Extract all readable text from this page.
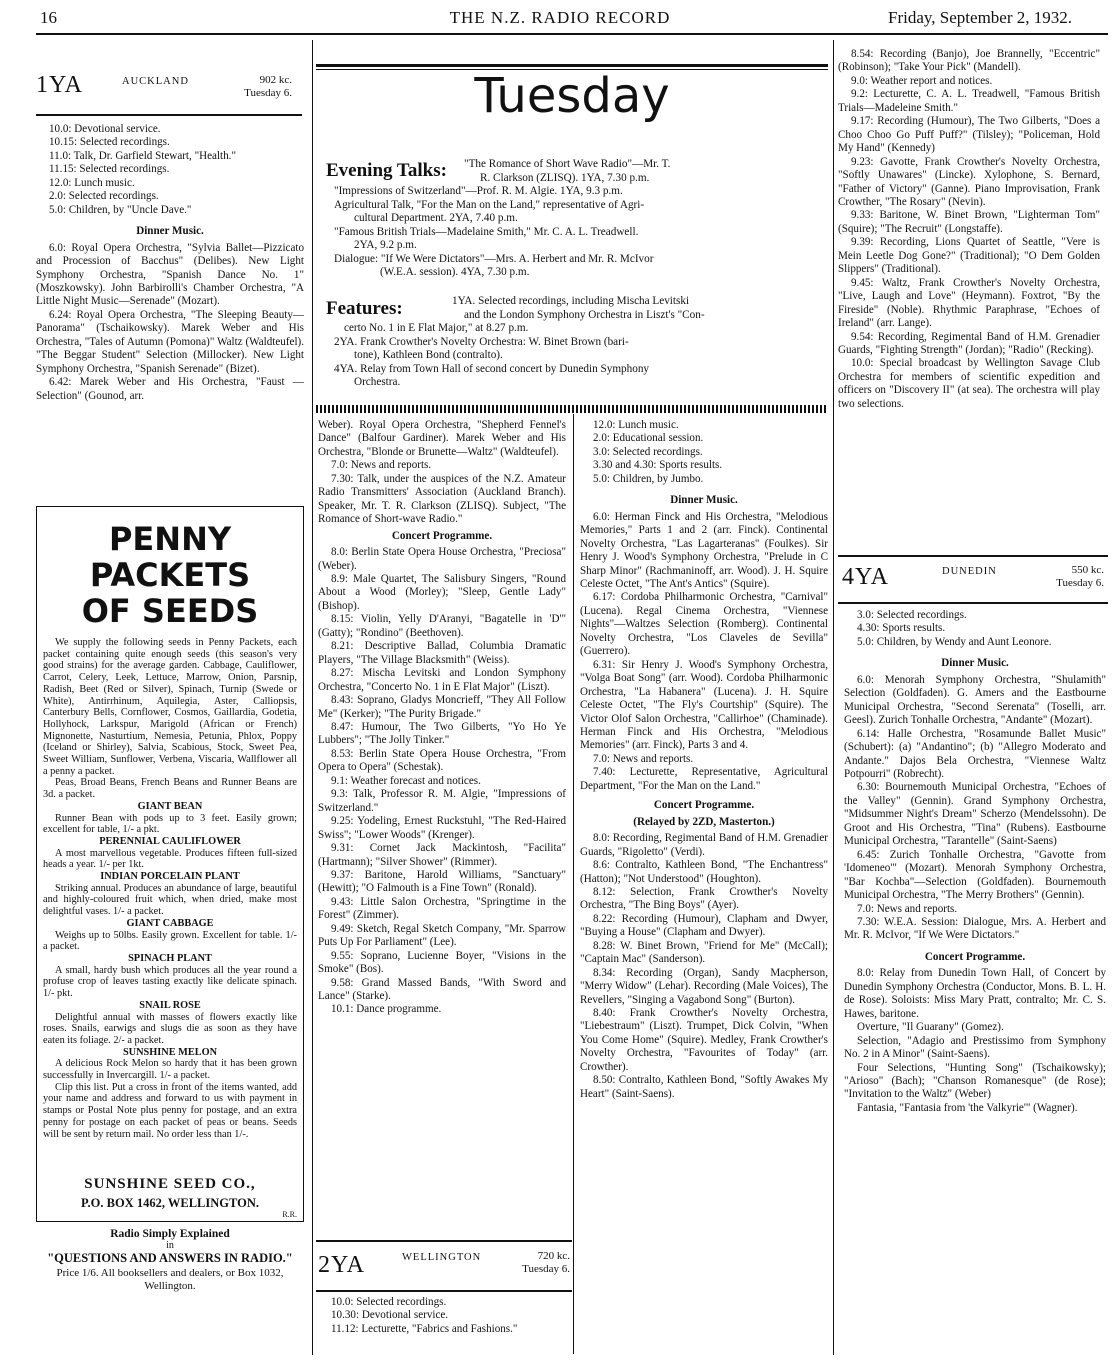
16	THE N.Z. RADIO RECORD	Friday, September 2, 1932.
1YA	AUCKLAND	902 kc.
Tuesday 6.

10.0: Devotional service.

10.15: Selected recordings.

11.0: Talk, Dr. Garfield Stewart, "Health."

11.15: Selected recordings.

12.0: Lunch music.

2.0: Selected recordings.

5.0: Children, by "Uncle Dave."

Dinner Music.

6.0: Royal Opera Orchestra, "Sylvia Ballet—Pizzicato and Procession of Bacchus" (Delibes). New Light Symphony Orchestra, "Spanish Dance No. 1" (Moszkowsky). John Barbirolli's Chamber Orchestra, "A Little Night Music—Serenade" (Mozart).

6.24: Royal Opera Orchestra, "The Sleeping Beauty—Panorama" (Tschaikowsky). Marek Weber and His Orchestra, "Tales of Autumn (Pomona)" Waltz (Waldteufel). "The Beggar Student" Selection (Millocker). New Light Symphony Orchestra, "Spanish Serenade" (Bizet).

6.42: Marek Weber and His Orchestra, "Faust — Selection" (Gounod, arr.

PENNY PACKETS
OF SEEDS

We supply the following seeds in Penny Packets, each packet containing quite enough seeds (this season's very good strains) for the average garden. Cabbage, Cauliflower, Carrot, Celery, Leek, Lettuce, Marrow, Onion, Parsnip, Radish, Beet (Red or Silver), Spinach, Turnip (Swede or White), Antirrhinum, Aquilegia, Aster, Calliopsis, Canterbury Bells, Cornflower, Cosmos, Gaillardia, Godetia, Hollyhock, Larkspur, Marigold (African or French) Mignonette, Nasturtium, Nemesia, Petunia, Phlox, Poppy (Iceland or Shirley), Salvia, Scabious, Stock, Sweet Pea, Sweet William, Sunflower, Verbena, Viscaria, Wallflower all a penny a packet.

Peas, Broad Beans, French Beans and Runner Beans are 3d. a packet.

GIANT BEAN

Runner Bean with pods up to 3 feet. Easily grown; excellent for table, 1/- a pkt.

PERENNIAL CAULIFLOWER

A most marvellous vegetable. Produces fifteen full-sized heads a year. 1/- per 1kt.

INDIAN PORCELAIN PLANT

Striking annual. Produces an abundance of large, beautiful and highly-coloured fruit which, when dried, make most delightful vases. 1/- a packet.

GIANT CABBAGE

Weighs up to 50lbs. Easily grown. Excellent for table. 1/- a packet.

SPINACH PLANT

A small, hardy bush which produces all the year round a profuse crop of leaves tasting exactly like delicate spinach. 1/- pkt.

SNAIL ROSE

Delightful annual with masses of flowers exactly like roses. Snails, earwigs and slugs die as soon as they have eaten its foliage. 2/- a packet.

SUNSHINE MELON

A delicious Rock Melon so hardy that it has been grown successfully in Invercargill. 1/- a packet.

Clip this list. Put a cross in front of the items wanted, add your name and address and forward to us with payment in stamps or Postal Note plus penny for postage, and an extra penny for postage on each packet of peas or beans. Seeds will be sent by return mail. No order less than 1/-.

SUNSHINE SEED CO.,
P.O. BOX 1462, WELLINGTON.
R.R.
Radio Simply Explained
in
"QUESTIONS AND ANSWERS IN RADIO."
Price 1/6. All booksellers and dealers, or Box 1032, Wellington.
Tuesday
Evening Talks:	"The Romance of Short Wave Radio"—Mr. T.

R. Clarkson (ZLISQ). 1YA, 7.30 p.m.

"Impressions of Switzerland"—Prof. R. M. Algie. 1YA, 9.3 p.m.

Agricultural Talk, "For the Man on the Land," representative of Agri-

cultural Department. 2YA, 7.40 p.m.

"Famous British Trials—Madelaine Smith," Mr. C. A. L. Treadwell.

2YA, 9.2 p.m.

Dialogue: "If We Were Dictators"—Mrs. A. Herbert and Mr. R. McIvor

(W.E.A. session). 4YA, 7.30 p.m.

Features:	1YA. Selected recordings, including Mischa Levitski

and the London Symphony Orchestra in Liszt's "Con-

certo No. 1 in E Flat Major," at 8.27 p.m.

2YA. Frank Crowther's Novelty Orchestra: W. Binet Brown (bari-

tone), Kathleen Bond (contralto).

4YA. Relay from Town Hall of second concert by Dunedin Symphony

Orchestra.

Weber). Royal Opera Orchestra, "Shepherd Fennel's Dance" (Balfour Gardiner). Marek Weber and His Orchestra, "Blonde or Brunette—Waltz" (Waldteufel).

7.0: News and reports.

7.30: Talk, under the auspices of the N.Z. Amateur Radio Transmitters' Association (Auckland Branch). Speaker, Mr. T. R. Clarkson (ZLISQ). Subject, "The Romance of Short-wave Radio."

Concert Programme.

8.0: Berlin State Opera House Orchestra, "Preciosa" (Weber).

8.9: Male Quartet, The Salisbury Singers, "Round About a Wood (Morley); "Sleep, Gentle Lady" (Bishop).

8.15: Violin, Yelly D'Aranyi, "Bagatelle in 'D'" (Gatty); "Rondino" (Beethoven).

8.21: Descriptive Ballad, Columbia Dramatic Players, "The Village Blacksmith" (Weiss).

8.27: Mischa Levitski and London Symphony Orchestra, "Concerto No. 1 in E Flat Major" (Liszt).

8.43: Soprano, Gladys Moncrieff, "They All Follow Me" (Kerker); "The Purity Brigade."

8.47: Humour, The Two Gilberts, "Yo Ho Ye Lubbers"; "The Jolly Tinker."

8.53: Berlin State Opera House Orchestra, "From Opera to Opera" (Schestak).

9.1: Weather forecast and notices.

9.3: Talk, Professor R. M. Algie, "Impressions of Switzerland."

9.25: Yodeling, Ernest Ruckstuhl, "The Red-Haired Swiss"; "Lower Woods" (Krenger).

9.31: Cornet Jack Mackintosh, "Facilita" (Hartmann); "Silver Shower" (Rimmer).

9.37: Baritone, Harold Williams, "Sanctuary" (Hewitt); "O Falmouth is a Fine Town" (Ronald).

9.43: Little Salon Orchestra, "Springtime in the Forest" (Zimmer).

9.49: Sketch, Regal Sketch Company, "Mr. Sparrow Puts Up For Parliament" (Lee).

9.55: Soprano, Lucienne Boyer, "Visions in the Smoke" (Bos).

9.58: Grand Massed Bands, "With Sword and Lance" (Starke).

10.1: Dance programme.

2YA	WELLINGTON	720 kc.
Tuesday 6.

10.0: Selected recordings.

10.30: Devotional service.

11.12: Lecturette, "Fabrics and Fashions."

12.0: Lunch music.

2.0: Educational session.

3.0: Selected recordings.

3.30 and 4.30: Sports results.

5.0: Children, by Jumbo.

Dinner Music.

6.0: Herman Finck and His Orchestra, "Melodious Memories," Parts 1 and 2 (arr. Finck). Continental Novelty Orchestra, "Las Lagarteranas" (Foulkes). Sir Henry J. Wood's Symphony Orchestra, "Prelude in C Sharp Minor" (Rachmaninoff, arr. Wood). J. H. Squire Celeste Octet, "The Ant's Antics" (Squire).

6.17: Cordoba Philharmonic Orchestra, "Carnival" (Lucena). Regal Cinema Orchestra, "Viennese Nights"—Waltzes Selection (Romberg). Continental Novelty Orchestra, "Los Claveles de Sevilla" (Guerrero).

6.31: Sir Henry J. Wood's Symphony Orchestra, "Volga Boat Song" (arr. Wood). Cordoba Philharmonic Orchestra, "La Habanera" (Lucena). J. H. Squire Celeste Octet, "The Fly's Courtship" (Squire). The Victor Olof Salon Orchestra, "Callirhoe" (Chaminade). Herman Finck and His Orchestra, "Melodious Memories" (arr. Finck), Parts 3 and 4.

7.0: News and reports.

7.40: Lecturette, Representative, Agricultural Department, "For the Man on the Land."

Concert Programme.

(Relayed by 2ZD, Masterton.)

8.0: Recording, Regimental Band of H.M. Grenadier Guards, "Rigoletto" (Verdi).

8.6: Contralto, Kathleen Bond, "The Enchantress" (Hatton); "Not Understood" (Houghton).

8.12: Selection, Frank Crowther's Novelty Orchestra, "The Bing Boys" (Ayer).

8.22: Recording (Humour), Clapham and Dwyer, "Buying a House" (Clapham and Dwyer).

8.28: W. Binet Brown, "Friend for Me" (McCall); "Captain Mac" (Sanderson).

8.34: Recording (Organ), Sandy Macpherson, "Merry Widow" (Lehar). Recording (Male Voices), The Revellers, "Singing a Vagabond Song" (Burton).

8.40: Frank Crowther's Novelty Orchestra, "Liebestraum" (Liszt). Trumpet, Dick Colvin, "When You Come Home" (Squire). Medley, Frank Crowther's Novelty Orchestra, "Favourites of Today" (arr. Crowther).

8.50: Contralto, Kathleen Bond, "Softly Awakes My Heart" (Saint-Saens).

8.54: Recording (Banjo), Joe Brannelly, "Eccentric" (Robinson); "Take Your Pick" (Mandell).

9.0: Weather report and notices.

9.2: Lecturette, C. A. L. Treadwell, "Famous British Trials—Madeleine Smith."

9.17: Recording (Humour), The Two Gilberts, "Does a Choo Choo Go Puff Puff?" (Tilsley); "Policeman, Hold My Hand" (Kennedy)

9.23: Gavotte, Frank Crowther's Novelty Orchestra, "Softly Unawares" (Lincke). Xylophone, S. Bernard, "Father of Victory" (Ganne). Piano Improvisation, Frank Crowther, "The Rosary" (Nevin).

9.33: Baritone, W. Binet Brown, "Lighterman Tom" (Squire); "The Recruit" (Longstaffe).

9.39: Recording, Lions Quartet of Seattle, "Vere is Mein Leetle Dog Gone?" (Traditional); "O Dem Golden Slippers" (Traditional).

9.45: Waltz, Frank Crowther's Novelty Orchestra, "Live, Laugh and Love" (Heymann). Foxtrot, "By the Fireside" (Noble). Rhythmic Paraphrase, "Echoes of Ireland" (arr. Lange).

9.54: Recording, Regimental Band of H.M. Grenadier Guards, "Fighting Strength" (Jordan); "Radio" (Recking).

10.0: Special broadcast by Wellington Savage Club Orchestra for members of scientific expedition and officers on "Discovery II" (at sea). The orchestra will play two selections.

4YA	DUNEDIN	550 kc.
Tuesday 6.

3.0: Selected recordings.

4.30: Sports results.

5.0: Children, by Wendy and Aunt Leonore.

Dinner Music.

6.0: Menorah Symphony Orchestra, "Shulamith" Selection (Goldfaden). G. Amers and the Eastbourne Municipal Orchestra, "Second Serenata" (Toselli, arr. Geesl). Zurich Tonhalle Orchestra, "Andante" (Mozart).

6.14: Halle Orchestra, "Rosamunde Ballet Music" (Schubert): (a) "Andantino"; (b) "Allegro Moderato and Andante." Dajos Bela Orchestra, "Viennese Waltz Potpourri" (Robrecht).

6.30: Bournemouth Municipal Orchestra, "Echoes of the Valley" (Gennin). Grand Symphony Orchestra, "Midsummer Night's Dream" Scherzo (Mendelssohn). De Groot and His Orchestra, "Tina" (Rubens). Eastbourne Municipal Orchestra, "Tarantelle" (Saint-Saens)

6.45: Zurich Tonhalle Orchestra, "Gavotte from 'Idomeneo'" (Mozart). Menorah Symphony Orchestra, "Bar Kochba"—Selection (Goldfaden). Bournemouth Municipal Orchestra, "The Merry Brothers" (Gennin).

7.0: News and reports.

7.30: W.E.A. Session: Dialogue, Mrs. A. Herbert and Mr. R. McIvor, "If We Were Dictators."

Concert Programme.

8.0: Relay from Dunedin Town Hall, of Concert by Dunedin Symphony Orchestra (Conductor, Mons. B. L. H. de Rose). Soloists: Miss Mary Pratt, contralto; Mr. C. S. Hawes, baritone.

Overture, "Il Guarany" (Gomez).

Selection, "Adagio and Prestissimo from Symphony No. 2 in A Minor" (Saint-Saens).

Four Selections, "Hunting Song" (Tschaikowsky); "Arioso" (Bach); "Chanson Romanesque" (de Rose); "Invitation to the Waltz" (Weber)

Fantasia, "Fantasia from 'the Valkyrie'" (Wagner).
